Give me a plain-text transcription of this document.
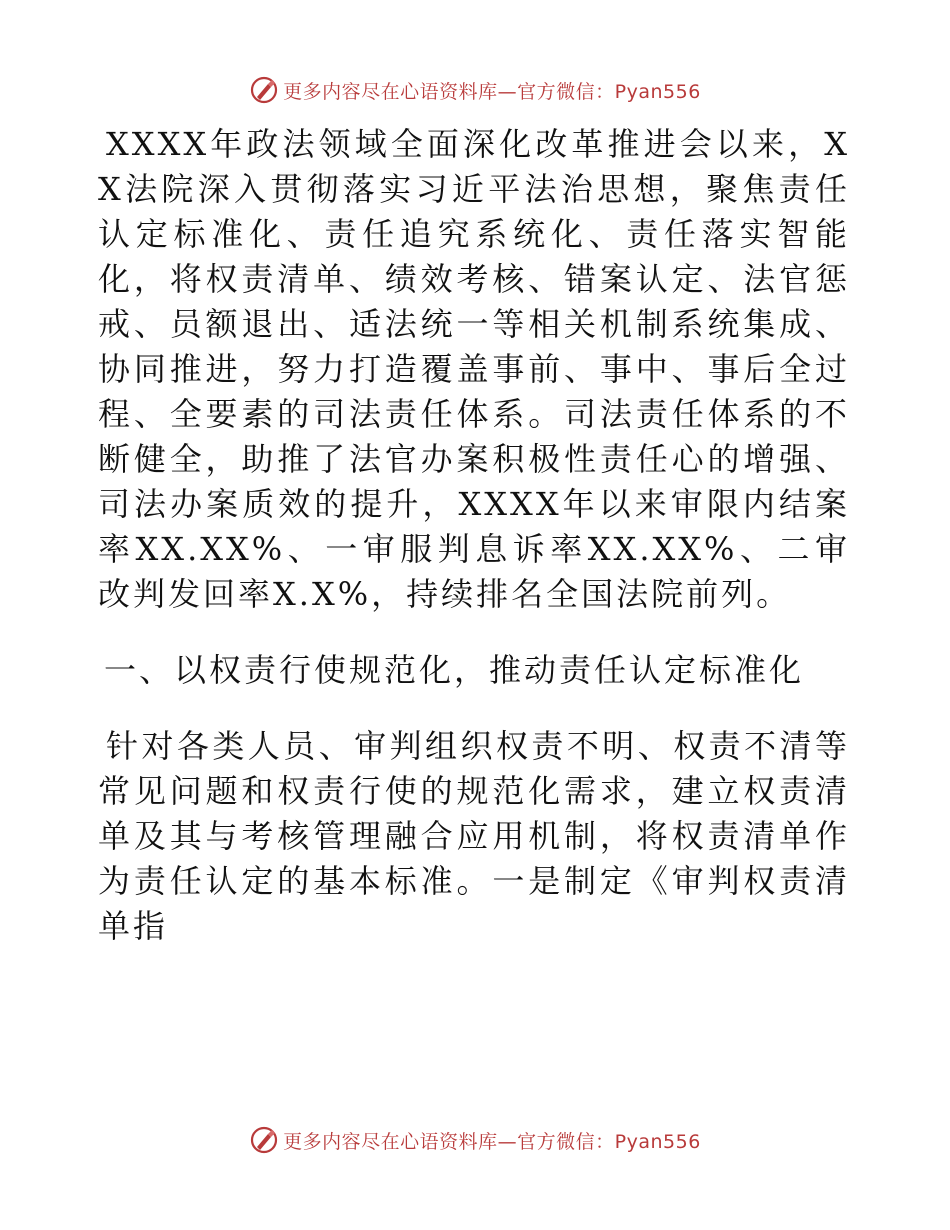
更多内容尽在心语资料库—官方微信：Pyan556

XXXX年政法领域全面深化改革推进会以来，XX法院深入贯彻落实习近平法治思想，聚焦责任认定标准化、责任追究系统化、责任落实智能化，将权责清单、绩效考核、错案认定、法官惩戒、员额退出、适法统一等相关机制系统集成、协同推进，努力打造覆盖事前、事中、事后全过程、全要素的司法责任体系。司法责任体系的不断健全，助推了法官办案积极性责任心的增强、司法办案质效的提升，XXXX年以来审限内结案率XX.XX%、一审服判息诉率XX.XX%、二审改判发回率X.X%，持续排名全国法院前列。

一、以权责行使规范化，推动责任认定标准化

针对各类人员、审判组织权责不明、权责不清等常见问题和权责行使的规范化需求，建立权责清单及其与考核管理融合应用机制，将权责清单作为责任认定的基本标准。一是制定《审判权责清单指

更多内容尽在心语资料库—官方微信：Pyan556
